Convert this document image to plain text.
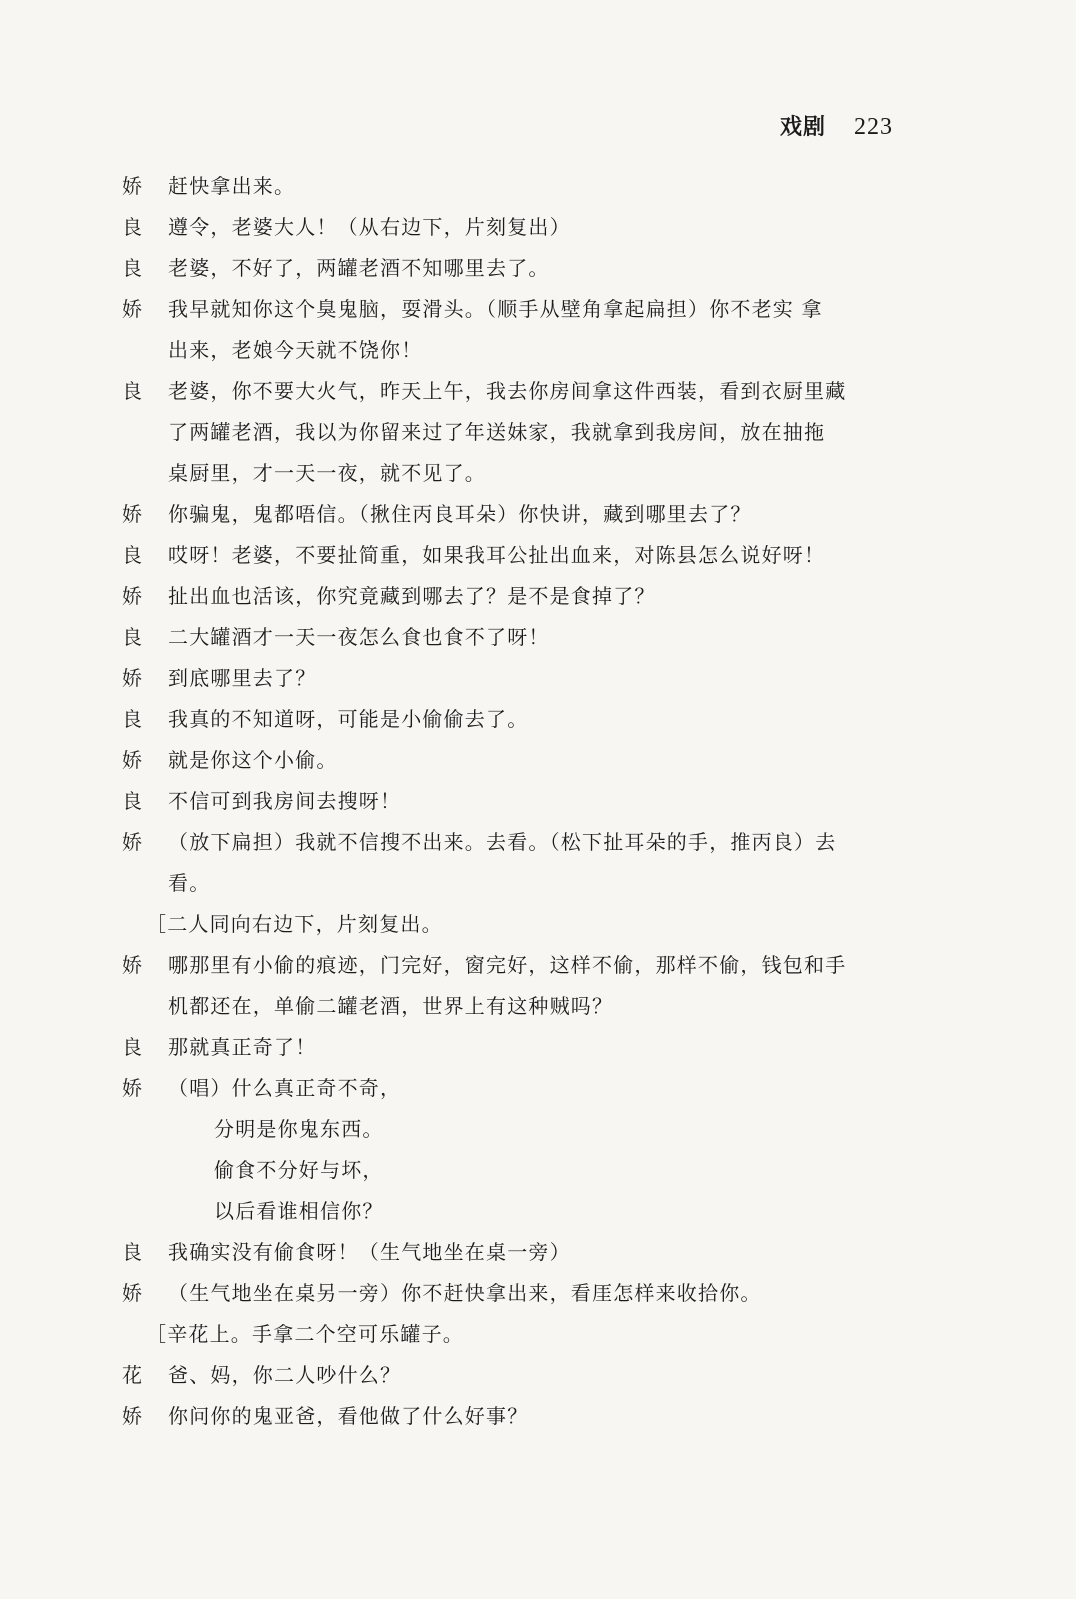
戏剧 223
娇	赶快拿出来。
良	遵令，老婆大人！（从右边下，片刻复出）
良	老婆，不好了，两罐老酒不知哪里去了。
娇	我早就知你这个臭鬼脑，耍滑头。（顺手从壁角拿起扁担）你不老实 拿
出来，老娘今天就不饶你！
良	老婆，你不要大火气，昨天上午，我去你房间拿这件西装，看到衣厨里藏
了两罐老酒，我以为你留来过了年送妹家，我就拿到我房间，放在抽拖
桌厨里，才一天一夜，就不见了。
娇	你骗鬼，鬼都唔信。（揪住丙良耳朵）你快讲，藏到哪里去了？
良	哎呀！老婆，不要扯简重，如果我耳公扯出血来，对陈县怎么说好呀！
娇	扯出血也活该，你究竟藏到哪去了？是不是食掉了？
良	二大罐酒才一天一夜怎么食也食不了呀！
娇	到底哪里去了？
良	我真的不知道呀，可能是小偷偷去了。
娇	就是你这个小偷。
良	不信可到我房间去搜呀！
娇	（放下扁担）我就不信搜不出来。去看。（松下扯耳朵的手，推丙良）去
看。
［二人同向右边下，片刻复出。
娇	哪那里有小偷的痕迹，门完好，窗完好，这样不偷，那样不偷，钱包和手
机都还在，单偷二罐老酒，世界上有这种贼吗？
良	那就真正奇了！
娇	（唱）什么真正奇不奇，
分明是你鬼东西。
偷食不分好与坏，
以后看谁相信你？
良	我确实没有偷食呀！（生气地坐在桌一旁）
娇	（生气地坐在桌另一旁）你不赶快拿出来，看厓怎样来收拾你。
［辛花上。手拿二个空可乐罐子。
花	爸、妈，你二人吵什么？
娇	你问你的鬼亚爸，看他做了什么好事？
